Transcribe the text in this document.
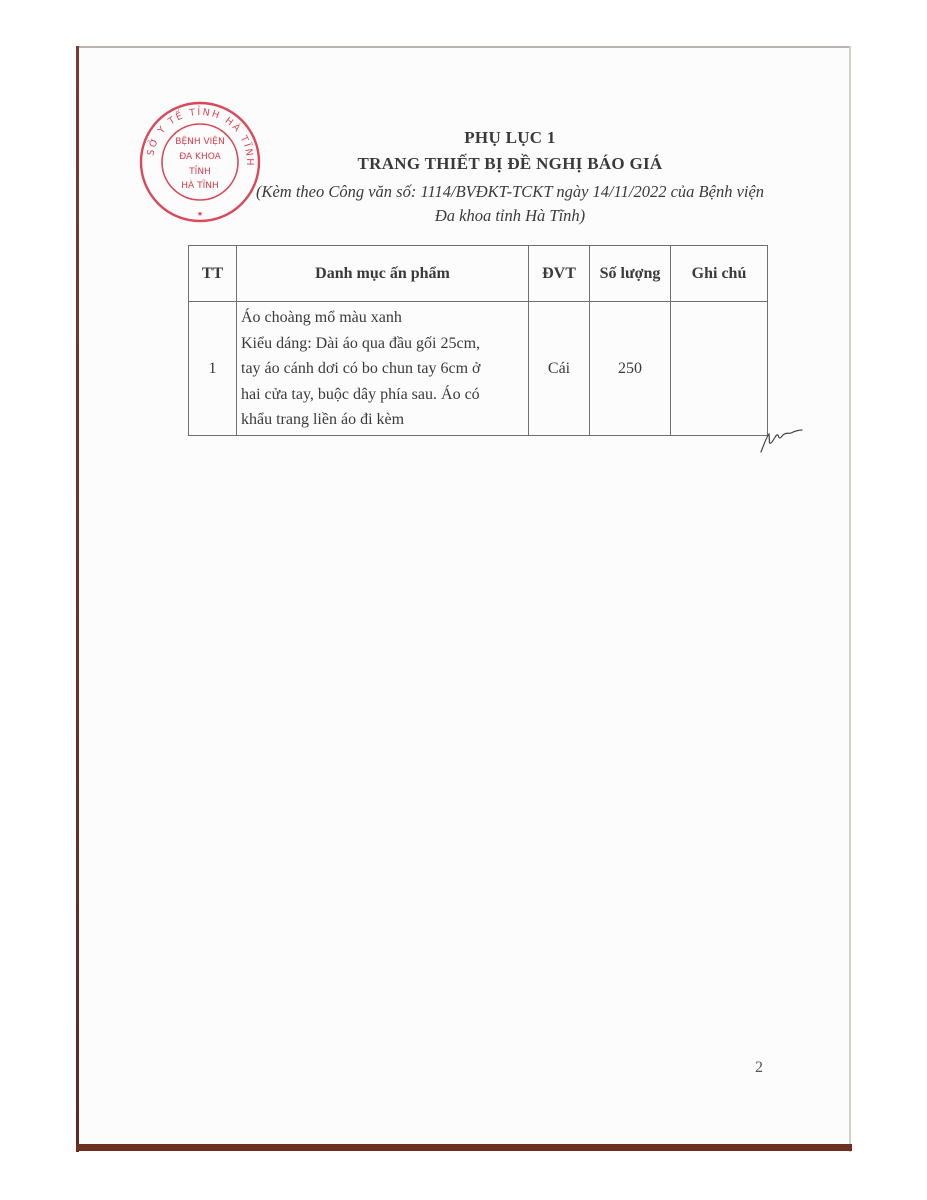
PHỤ LỤC 1
TRANG THIẾT BỊ ĐỀ NGHỊ BÁO GIÁ
(Kèm theo Công văn số: 1114/BVĐKT-TCKT ngày 14/11/2022 của Bệnh viện
Đa khoa tỉnh Hà Tĩnh)
TT	Danh mục ấn phẩm	ĐVT	Số lượng	Ghi chú
1	Áo choàng mổ màu xanh
Kiểu dáng: Dài áo qua đầu gối 25cm,
tay áo cánh dơi có bo chun tay 6cm ở
hai cửa tay, buộc dây phía sau. Áo có
khẩu trang liền áo đi kèm	Cái	250	
SỞ Y TẾ TỈNH HÀ TĨNH
BỆNH VIỆN
ĐA KHOA
TỈNH
HÀ TĨNH
★
2
